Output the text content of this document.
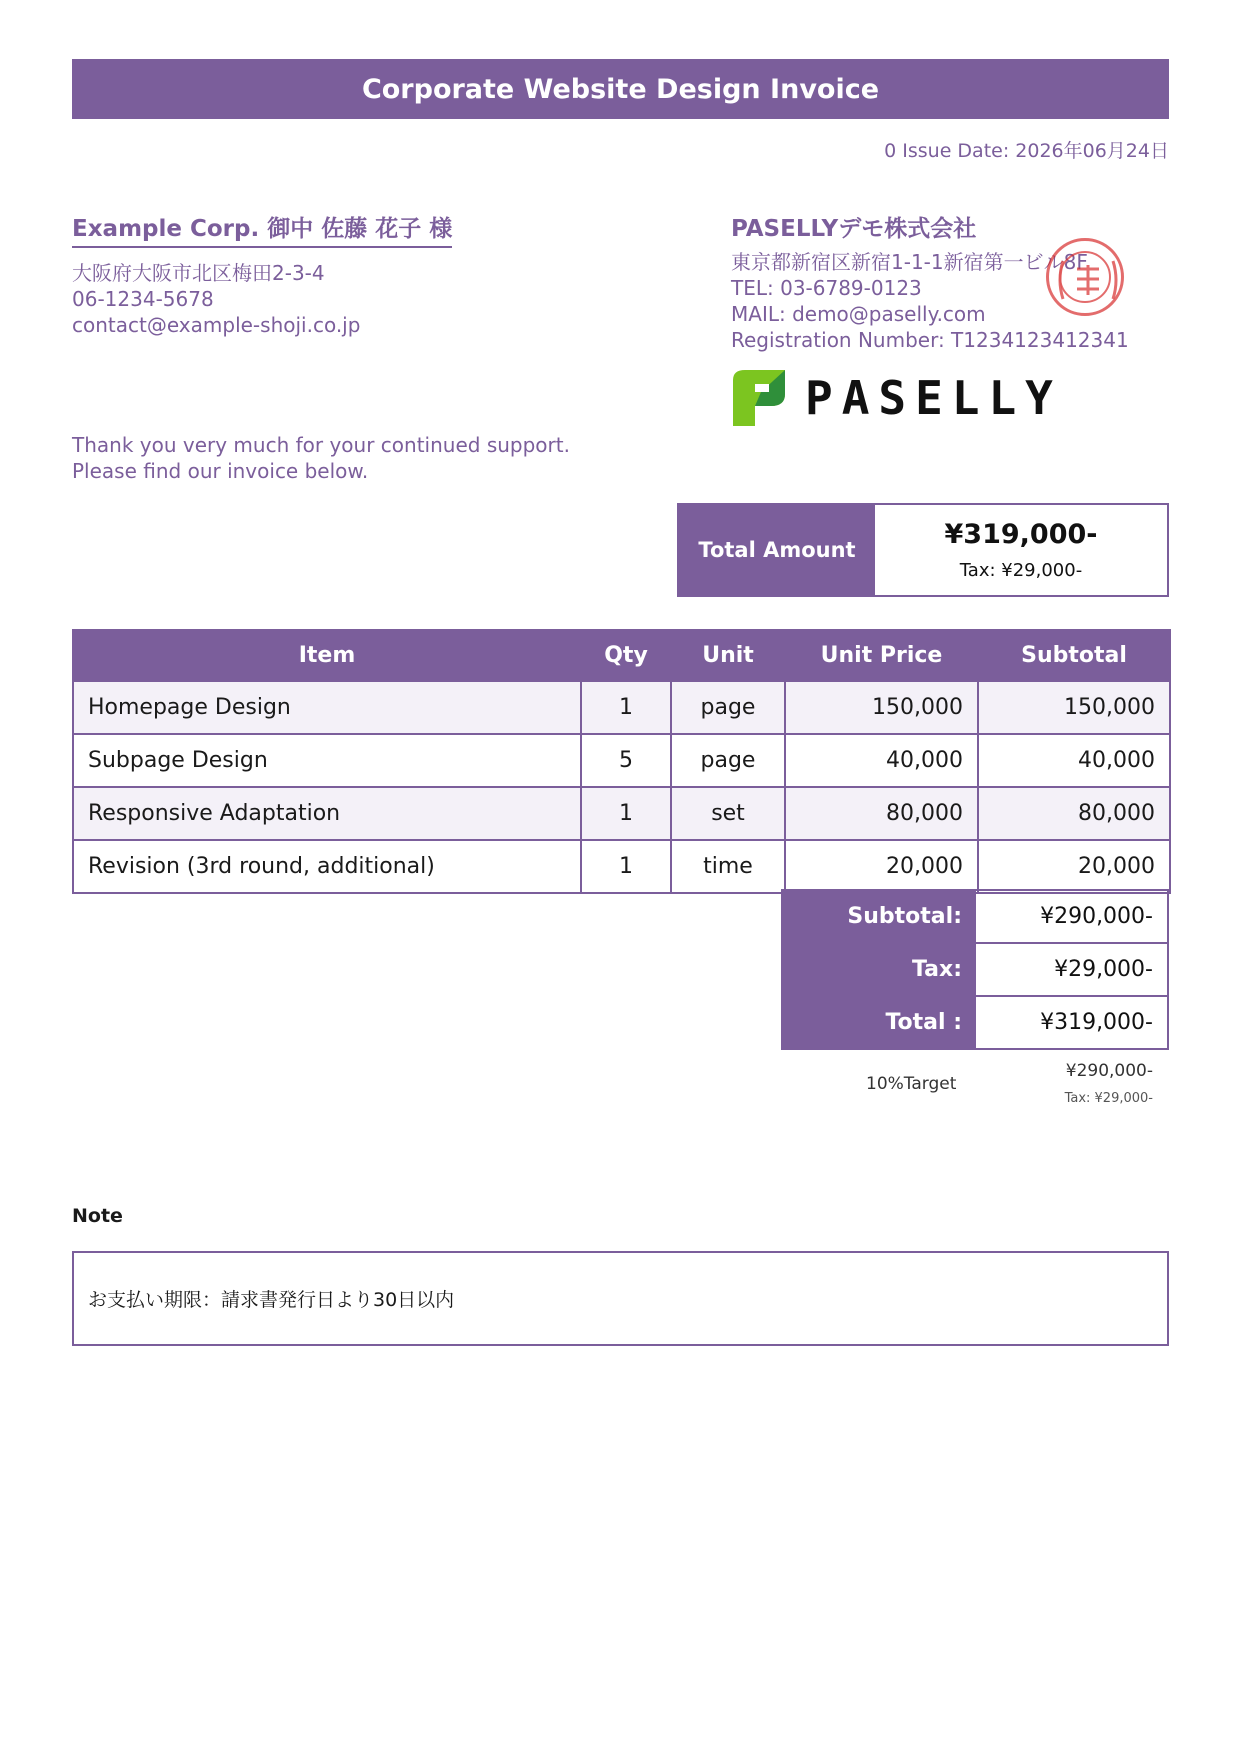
Corporate Website Design Invoice
0 Issue Date: 2026年06月24日
Example Corp. 御中 佐藤 花子 様
大阪府大阪市北区梅田2-3-4
06-1234-5678
contact@example-shoji.co.jp
Thank you very much for your continued support.
Please find our invoice below.
PASELLYデモ株式会社
東京都新宿区新宿1-1-1新宿第一ビル8F
TEL: 03-6789-0123
MAIL: demo@paselly.com
Registration Number: T1234123412341
PASELLY
Total Amount	¥319,000-
Tax: ¥29,000-
Item	Qty	Unit	Unit Price	Subtotal
Homepage Design	1	page	150,000	150,000
Subpage Design	5	page	40,000	40,000
Responsive Adaptation	1	set	80,000	80,000
Revision (3rd round, additional)	1	time	20,000	20,000
Subtotal:	¥290,000-
Tax:	¥29,000-
Total :	¥319,000-
10%Target
¥290,000-
Tax: ¥29,000-
Note
お支払い期限：請求書発行日より30日以内
